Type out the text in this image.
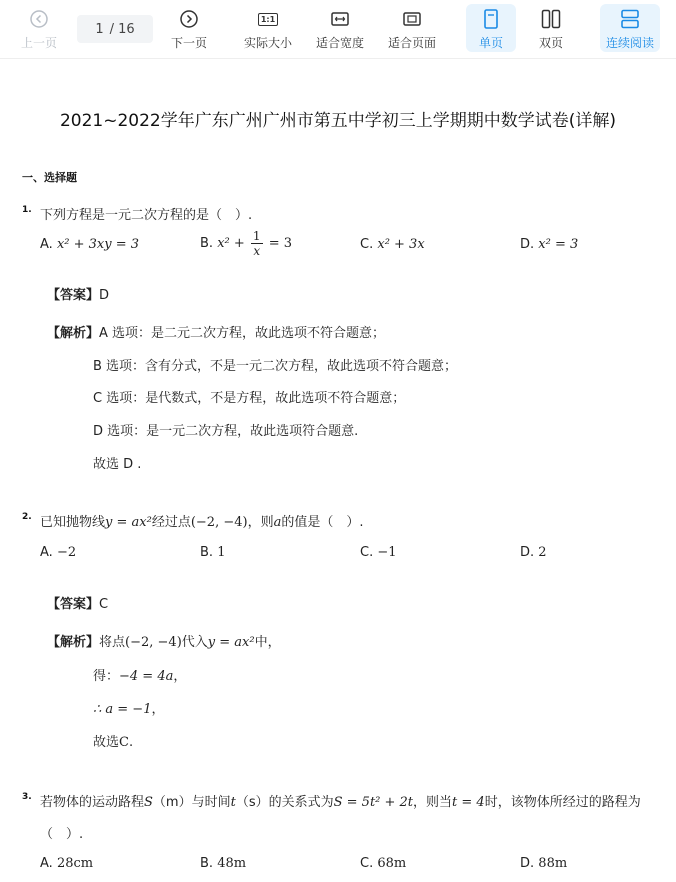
上一页
1 / 16
下一页
1:1
实际大小 适合宽度 适合页面	单页	双页	连续阅读
2021~2022学年广东广州广州市第五中学初三上学期期中数学试卷(详解)
一、选择题
1. 下列方程是一元二次方程的是（　）.
A. x² + 3xy = 3	B. $x^2 + \frac{1}{x} = 3$	C. x² + 3x	D. x² = 3
【答案】D
【解析】A 选项：是二元二次方程，故此选项不符合题意；
B 选项：含有分式，不是一元二次方程，故此选项不符合题意；
C 选项：是代数式，不是方程，故此选项不符合题意；
D 选项：是一元二次方程，故此选项符合题意.
故选 D .
2. 已知抛物线y = ax²经过点(−2, −4)，则a的值是（　）.
A. −2	B. 1	C. −1	D. 2
【答案】C
【解析】将点(−2, −4)代入y = ax²中，
得：−4 = 4a，
∴ a = −1，
故选C.
3. 若物体的运动路程S（m）与时间t（s）的关系式为S = 5t² + 2t，则当t = 4时，该物体所经过的路程为
（　）.
A. 28cm	B. 48m	C. 68m	D. 88m
